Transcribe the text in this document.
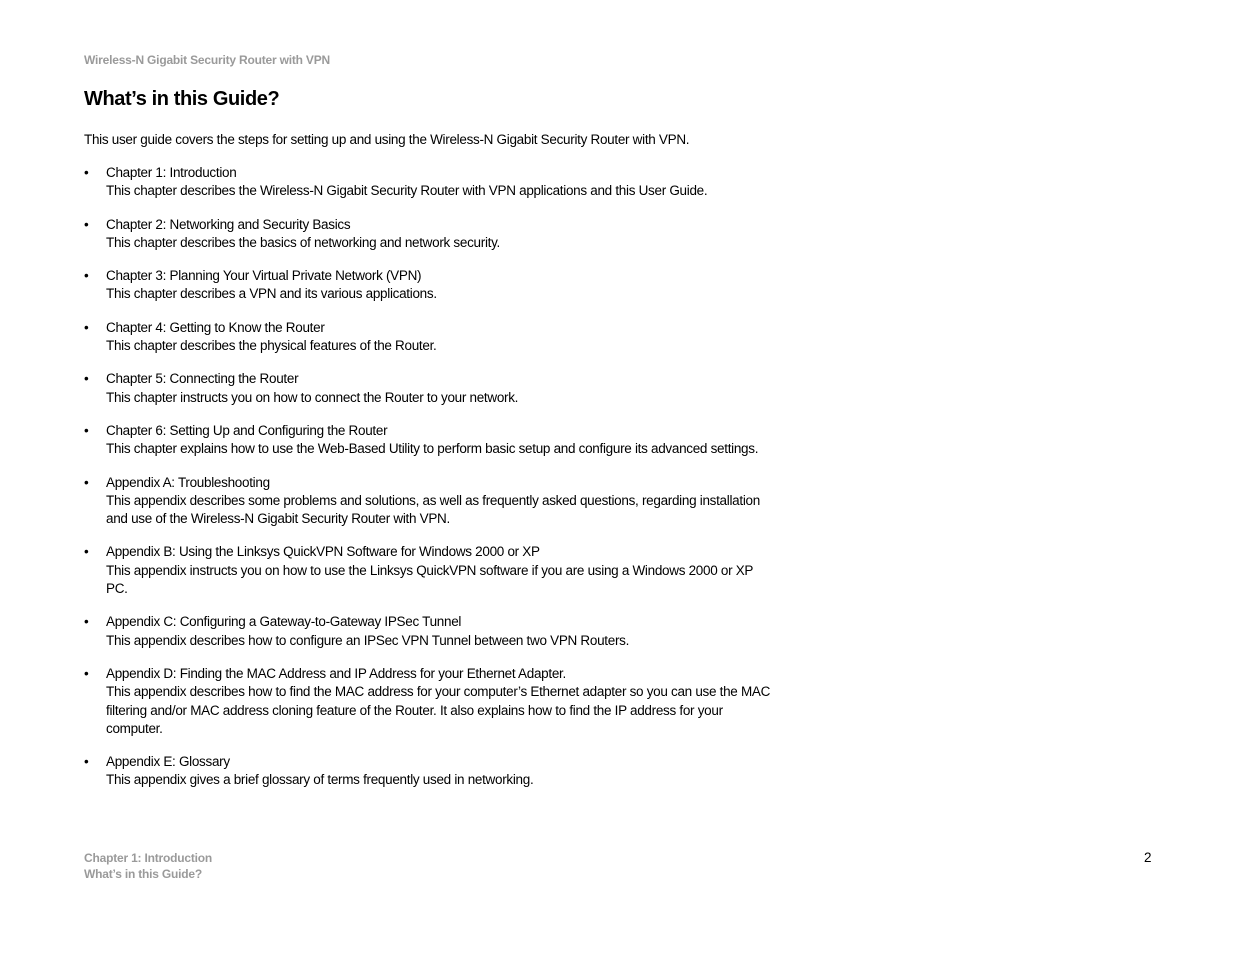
Wireless-N Gigabit Security Router with VPN
What’s in this Guide?

This user guide covers the steps for setting up and using the Wireless-N Gigabit Security Router with VPN.

• Chapter 1: Introduction
This chapter describes the Wireless-N Gigabit Security Router with VPN applications and this User Guide.
• Chapter 2: Networking and Security Basics
This chapter describes the basics of networking and network security.
• Chapter 3: Planning Your Virtual Private Network (VPN)
This chapter describes a VPN and its various applications.
• Chapter 4: Getting to Know the Router
This chapter describes the physical features of the Router.
• Chapter 5: Connecting the Router
This chapter instructs you on how to connect the Router to your network.
• Chapter 6: Setting Up and Configuring the Router
This chapter explains how to use the Web-Based Utility to perform basic setup and configure its advanced settings.
• Appendix A: Troubleshooting
This appendix describes some problems and solutions, as well as frequently asked questions, regarding installation and use of the Wireless-N Gigabit Security Router with VPN.
• Appendix B: Using the Linksys QuickVPN Software for Windows 2000 or XP
This appendix instructs you on how to use the Linksys QuickVPN software if you are using a Windows 2000 or XP PC.
• Appendix C: Configuring a Gateway-to-Gateway IPSec Tunnel
This appendix describes how to configure an IPSec VPN Tunnel between two VPN Routers.
• Appendix D: Finding the MAC Address and IP Address for your Ethernet Adapter.
This appendix describes how to find the MAC address for your computer’s Ethernet adapter so you can use the MAC filtering and/or MAC address cloning feature of the Router. It also explains how to find the IP address for your computer.
• Appendix E: Glossary
This appendix gives a brief glossary of terms frequently used in networking.
Chapter 1: Introduction
What’s in this Guide?
2
